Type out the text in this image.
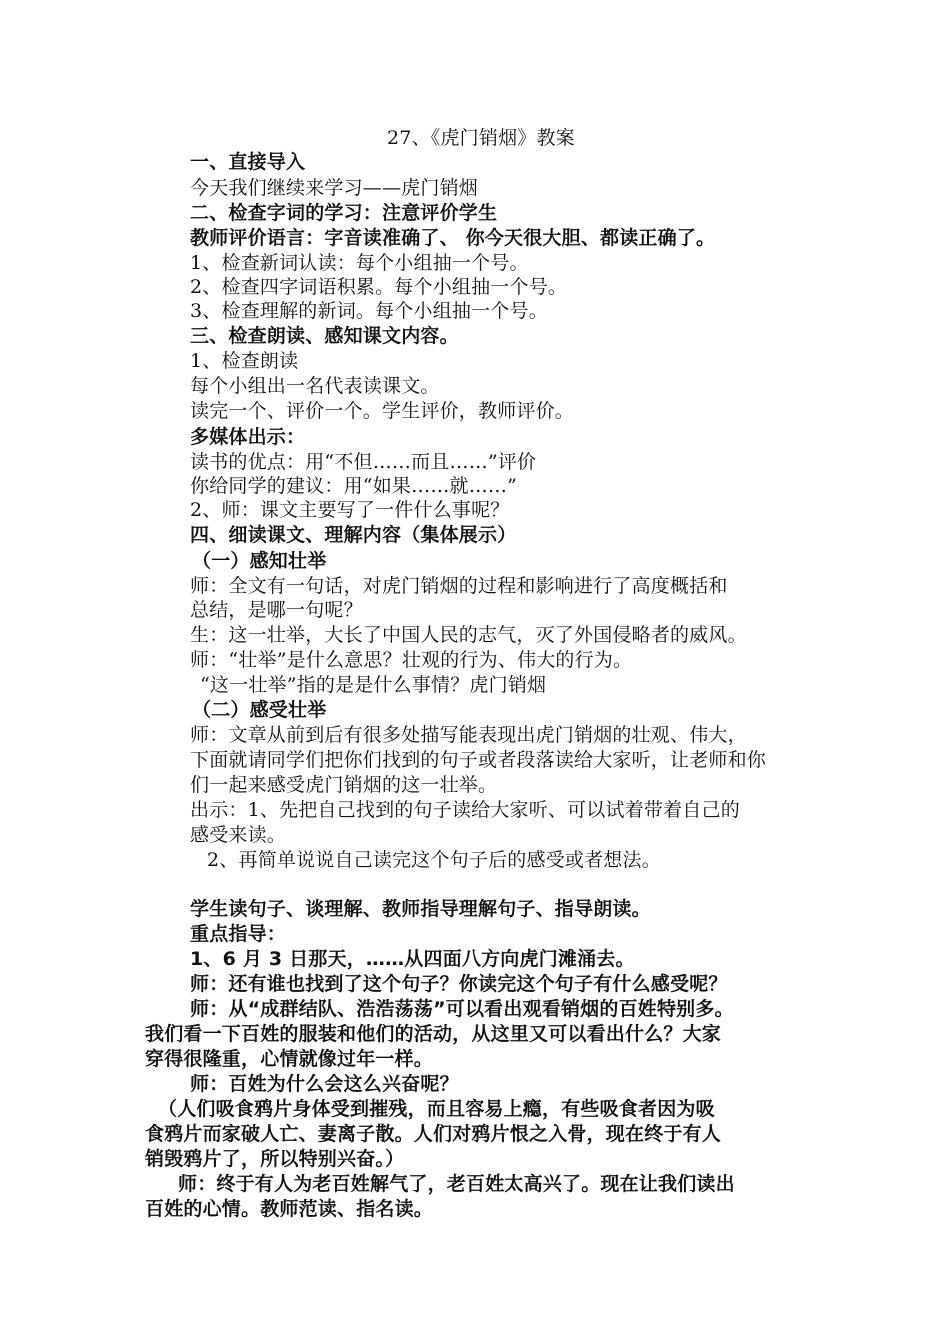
27、《虎门销烟》教案
一、直接导入
今天我们继续来学习——虎门销烟
二、检查字词的学习：注意评价学生
教师评价语言：字音读准确了、 你今天很大胆、都读正确了。
1、检查新词认读：每个小组抽一个号。
2、检查四字词语积累。每个小组抽一个号。
3、检查理解的新词。每个小组抽一个号。
三、检查朗读、感知课文内容。
1、检查朗读
每个小组出一名代表读课文。
读完一个、评价一个。学生评价，教师评价。
多媒体出示：
读书的优点：用“不但……而且……”评价
你给同学的建议：用“如果……就……”
2、师：课文主要写了一件什么事呢？
四、细读课文、理解内容（集体展示）
（一）感知壮举
师：全文有一句话，对虎门销烟的过程和影响进行了高度概括和
总结，是哪一句呢？
生：这一壮举，大长了中国人民的志气，灭了外国侵略者的威风。
师：“壮举”是什么意思？壮观的行为、伟大的行为。
“这一壮举”指的是是什么事情？虎门销烟
（二）感受壮举
师：文章从前到后有很多处描写能表现出虎门销烟的壮观、伟大，
下面就请同学们把你们找到的句子或者段落读给大家听，让老师和你
们一起来感受虎门销烟的这一壮举。
出示：1、先把自己找到的句子读给大家听、可以试着带着自己的
感受来读。
2、再简单说说自己读完这个句子后的感受或者想法。
学生读句子、谈理解、教师指导理解句子、指导朗读。
重点指导：
1、6 月 3 日那天，……从四面八方向虎门滩涌去。
师：还有谁也找到了这个句子？你读完这个句子有什么感受呢？
师：从“成群结队、浩浩荡荡”可以看出观看销烟的百姓特别多。
我们看一下百姓的服装和他们的活动，从这里又可以看出什么？大家
穿得很隆重，心情就像过年一样。
师：百姓为什么会这么兴奋呢？
（人们吸食鸦片身体受到摧残，而且容易上瘾，有些吸食者因为吸
食鸦片而家破人亡、妻离子散。人们对鸦片恨之入骨，现在终于有人
销毁鸦片了，所以特别兴奋。）
师：终于有人为老百姓解气了，老百姓太高兴了。现在让我们读出
百姓的心情。教师范读、指名读。
